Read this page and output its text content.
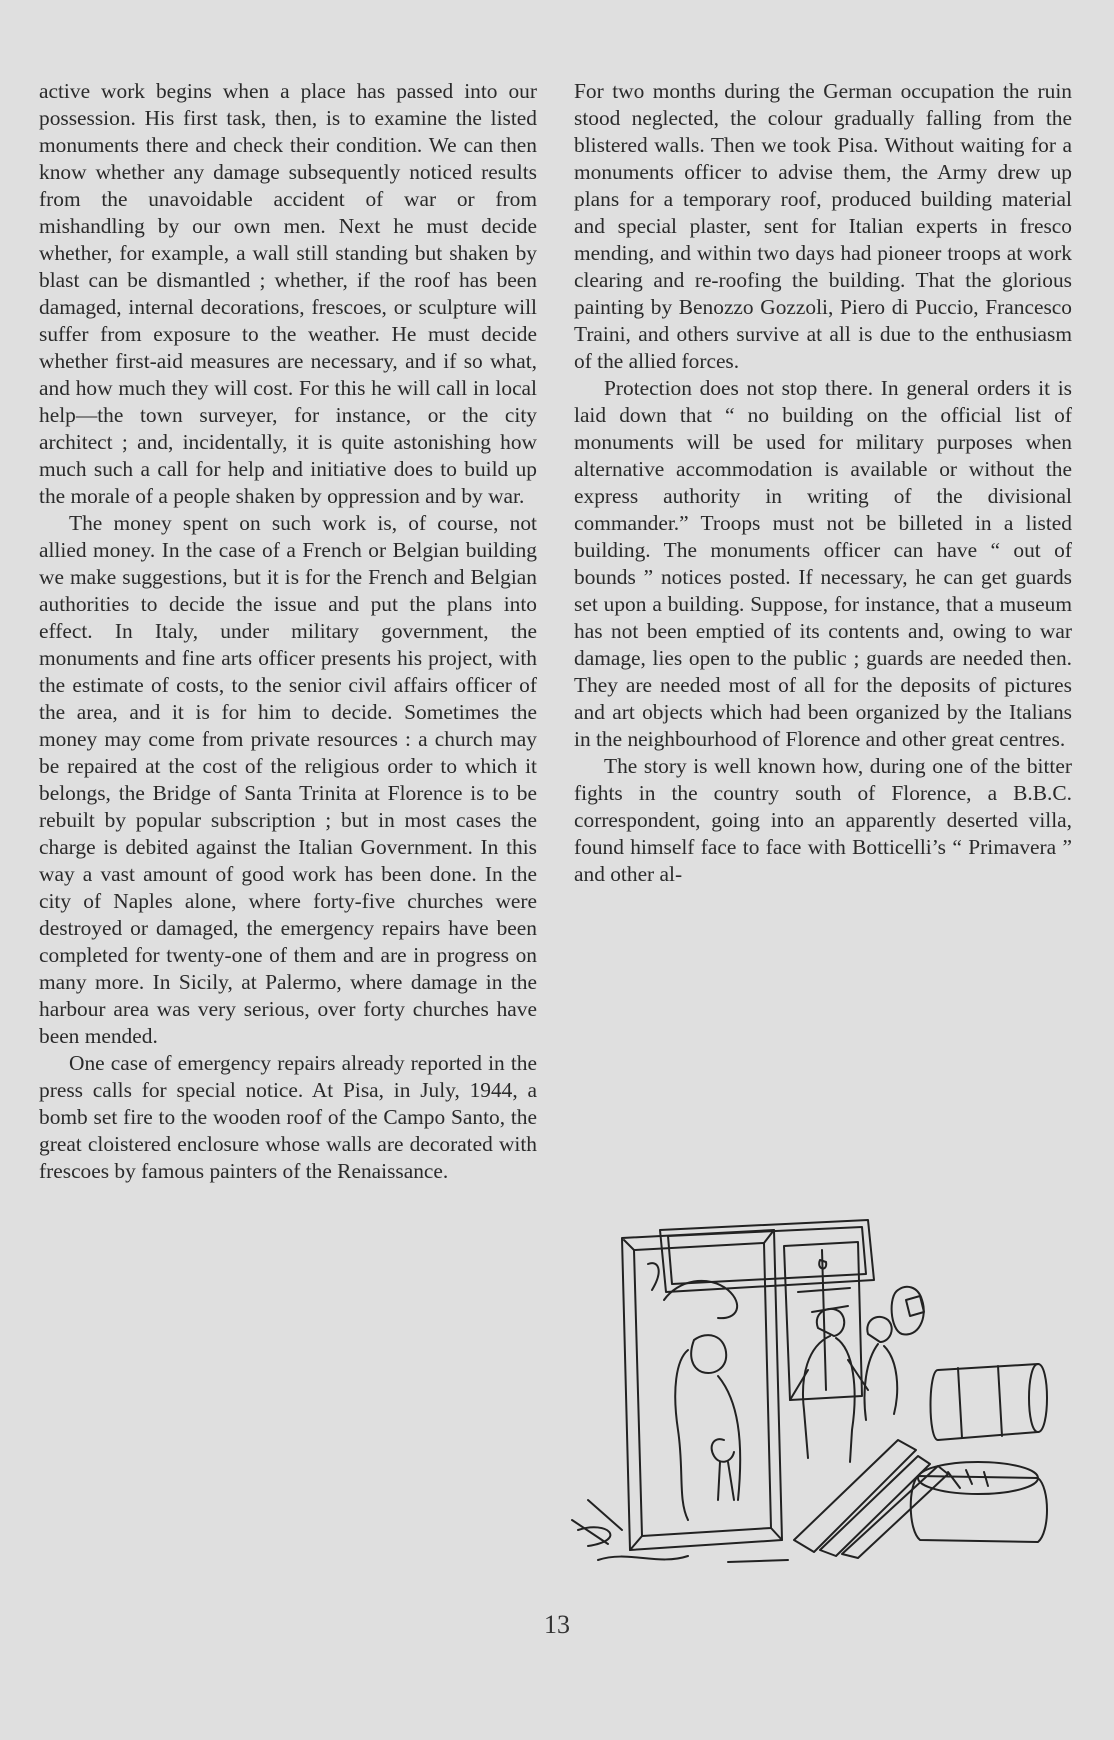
active work begins when a place has passed into our possession. His first task, then, is to examine the listed monuments there and check their condition. We can then know whether any damage subsequently noticed results from the unavoidable accident of war or from mishandling by our own men. Next he must decide whether, for example, a wall still standing but shaken by blast can be dismantled ; whether, if the roof has been damaged, internal decorations, frescoes, or sculpture will suffer from exposure to the weather. He must decide whether first-aid measures are necessary, and if so what, and how much they will cost. For this he will call in local help—the town surveyer, for instance, or the city architect ; and, incidentally, it is quite astonishing how much such a call for help and initiative does to build up the morale of a people shaken by oppression and by war.

The money spent on such work is, of course, not allied money. In the case of a French or Belgian building we make suggestions, but it is for the French and Belgian authorities to decide the issue and put the plans into effect. In Italy, under military government, the monuments and fine arts officer presents his project, with the estimate of costs, to the senior civil affairs officer of the area, and it is for him to decide. Sometimes the money may come from private resources : a church may be repaired at the cost of the religious order to which it belongs, the Bridge of Santa Trinita at Florence is to be rebuilt by popular subscription ; but in most cases the charge is debited against the Italian Government. In this way a vast amount of good work has been done. In the city of Naples alone, where forty-five churches were destroyed or damaged, the emergency repairs have been completed for twenty-one of them and are in progress on many more. In Sicily, at Palermo, where damage in the harbour area was very serious, over forty churches have been mended.

One case of emergency repairs already reported in the press calls for special notice. At Pisa, in July, 1944, a bomb set fire to the wooden roof of the Campo Santo, the great cloistered enclosure whose walls are decorated with frescoes by famous painters of the Renaissance.

For two months during the German occupation the ruin stood neglected, the colour gradually falling from the blistered walls. Then we took Pisa. Without waiting for a monuments officer to advise them, the Army drew up plans for a temporary roof, produced building material and special plaster, sent for Italian experts in fresco mending, and within two days had pioneer troops at work clearing and re-roofing the building. That the glorious painting by Benozzo Gozzoli, Piero di Puccio, Francesco Traini, and others survive at all is due to the enthusiasm of the allied forces.

Protection does not stop there. In general orders it is laid down that “ no building on the official list of monuments will be used for military purposes when alternative accommodation is available or without the express authority in writing of the divisional commander.” Troops must not be billeted in a listed building. The monuments officer can have “ out of bounds ” notices posted. If necessary, he can get guards set upon a building. Suppose, for instance, that a museum has not been emptied of its contents and, owing to war damage, lies open to the public ; guards are needed then. They are needed most of all for the deposits of pictures and art objects which had been organized by the Italians in the neighbourhood of Florence and other great centres.

The story is well known how, during one of the bitter fights in the country south of Florence, a B.B.C. correspondent, going into an apparently deserted villa, found himself face to face with Botticelli’s “ Primavera ” and other al-

13
